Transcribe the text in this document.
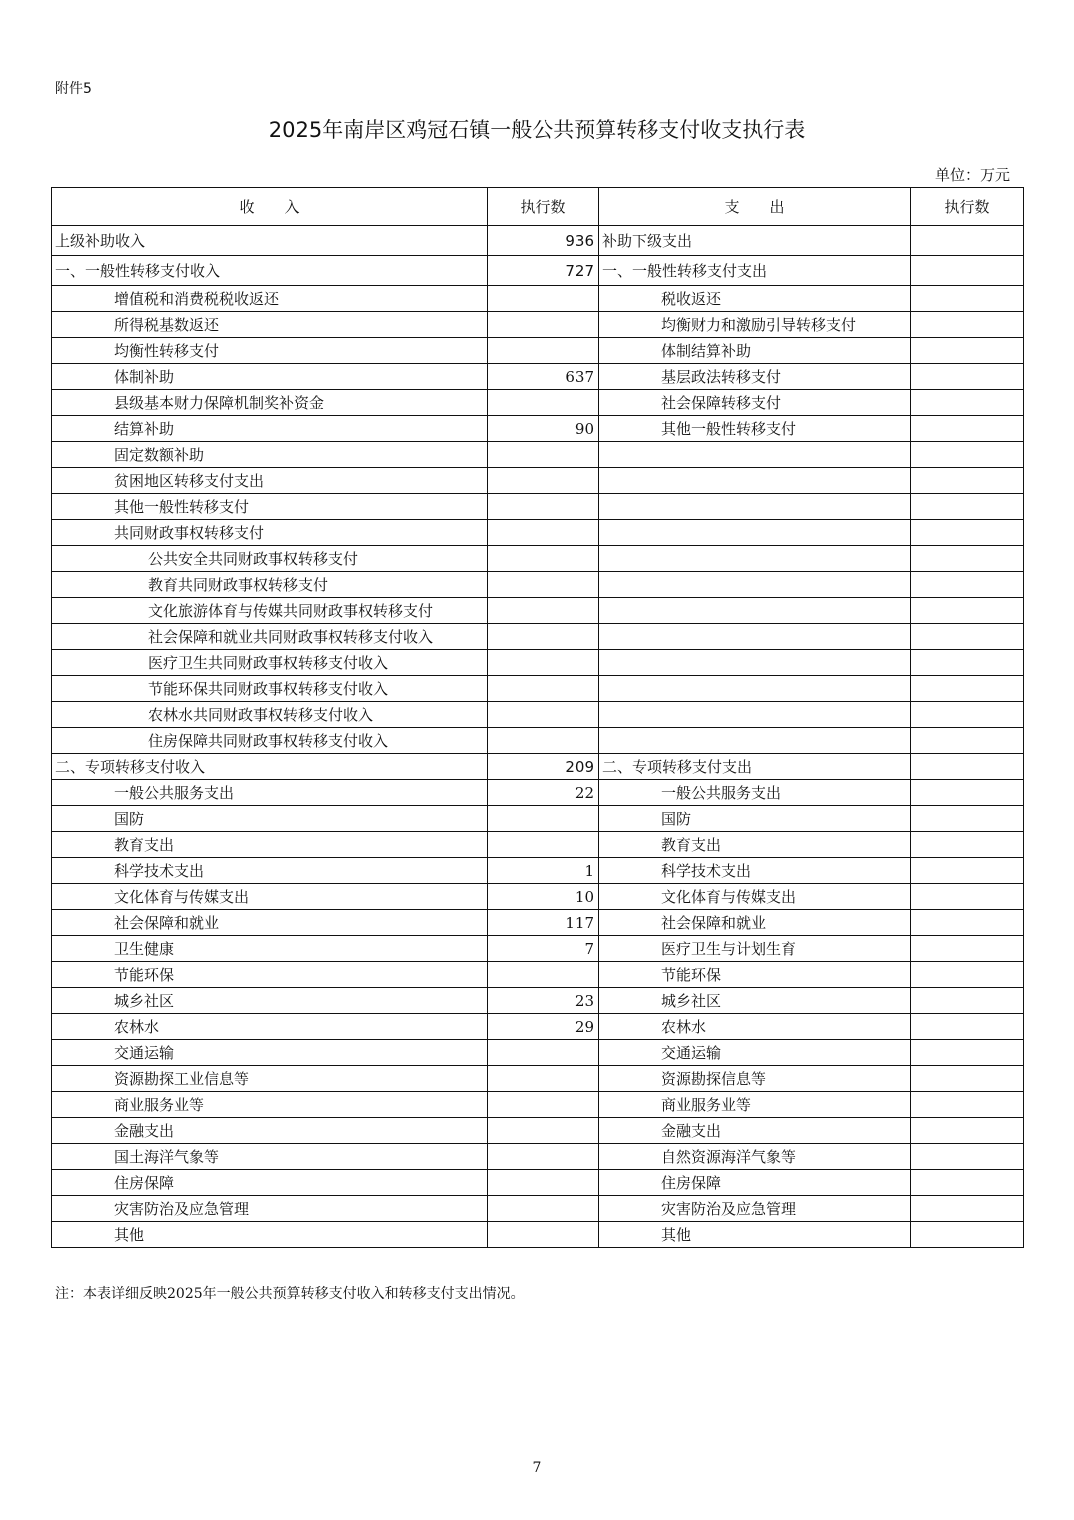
附件5
2025年南岸区鸡冠石镇一般公共预算转移支付收支执行表
单位：万元
收　　入	执行数	支　　出	执行数
上级补助收入	936	补助下级支出	
一、一般性转移支付收入	727	一、一般性转移支付支出	
增值税和消费税税收返还		税收返还	
所得税基数返还		均衡财力和激励引导转移支付	
均衡性转移支付		体制结算补助	
体制补助	637	基层政法转移支付	
县级基本财力保障机制奖补资金		社会保障转移支付	
结算补助	90	其他一般性转移支付	
固定数额补助			
贫困地区转移支付支出			
其他一般性转移支付			
共同财政事权转移支付			
公共安全共同财政事权转移支付			
教育共同财政事权转移支付			
文化旅游体育与传媒共同财政事权转移支付			
社会保障和就业共同财政事权转移支付收入			
医疗卫生共同财政事权转移支付收入			
节能环保共同财政事权转移支付收入			
农林水共同财政事权转移支付收入			
住房保障共同财政事权转移支付收入			
二、专项转移支付收入	209	二、专项转移支付支出	
一般公共服务支出	22	一般公共服务支出	
国防		国防	
教育支出		教育支出	
科学技术支出	1	科学技术支出	
文化体育与传媒支出	10	文化体育与传媒支出	
社会保障和就业	117	社会保障和就业	
卫生健康	7	医疗卫生与计划生育	
节能环保		节能环保	
城乡社区	23	城乡社区	
农林水	29	农林水	
交通运输		交通运输	
资源勘探工业信息等		资源勘探信息等	
商业服务业等		商业服务业等	
金融支出		金融支出	
国土海洋气象等		自然资源海洋气象等	
住房保障		住房保障	
灾害防治及应急管理		灾害防治及应急管理	
其他		其他	
注：本表详细反映2025年一般公共预算转移支付收入和转移支付支出情况。
7
